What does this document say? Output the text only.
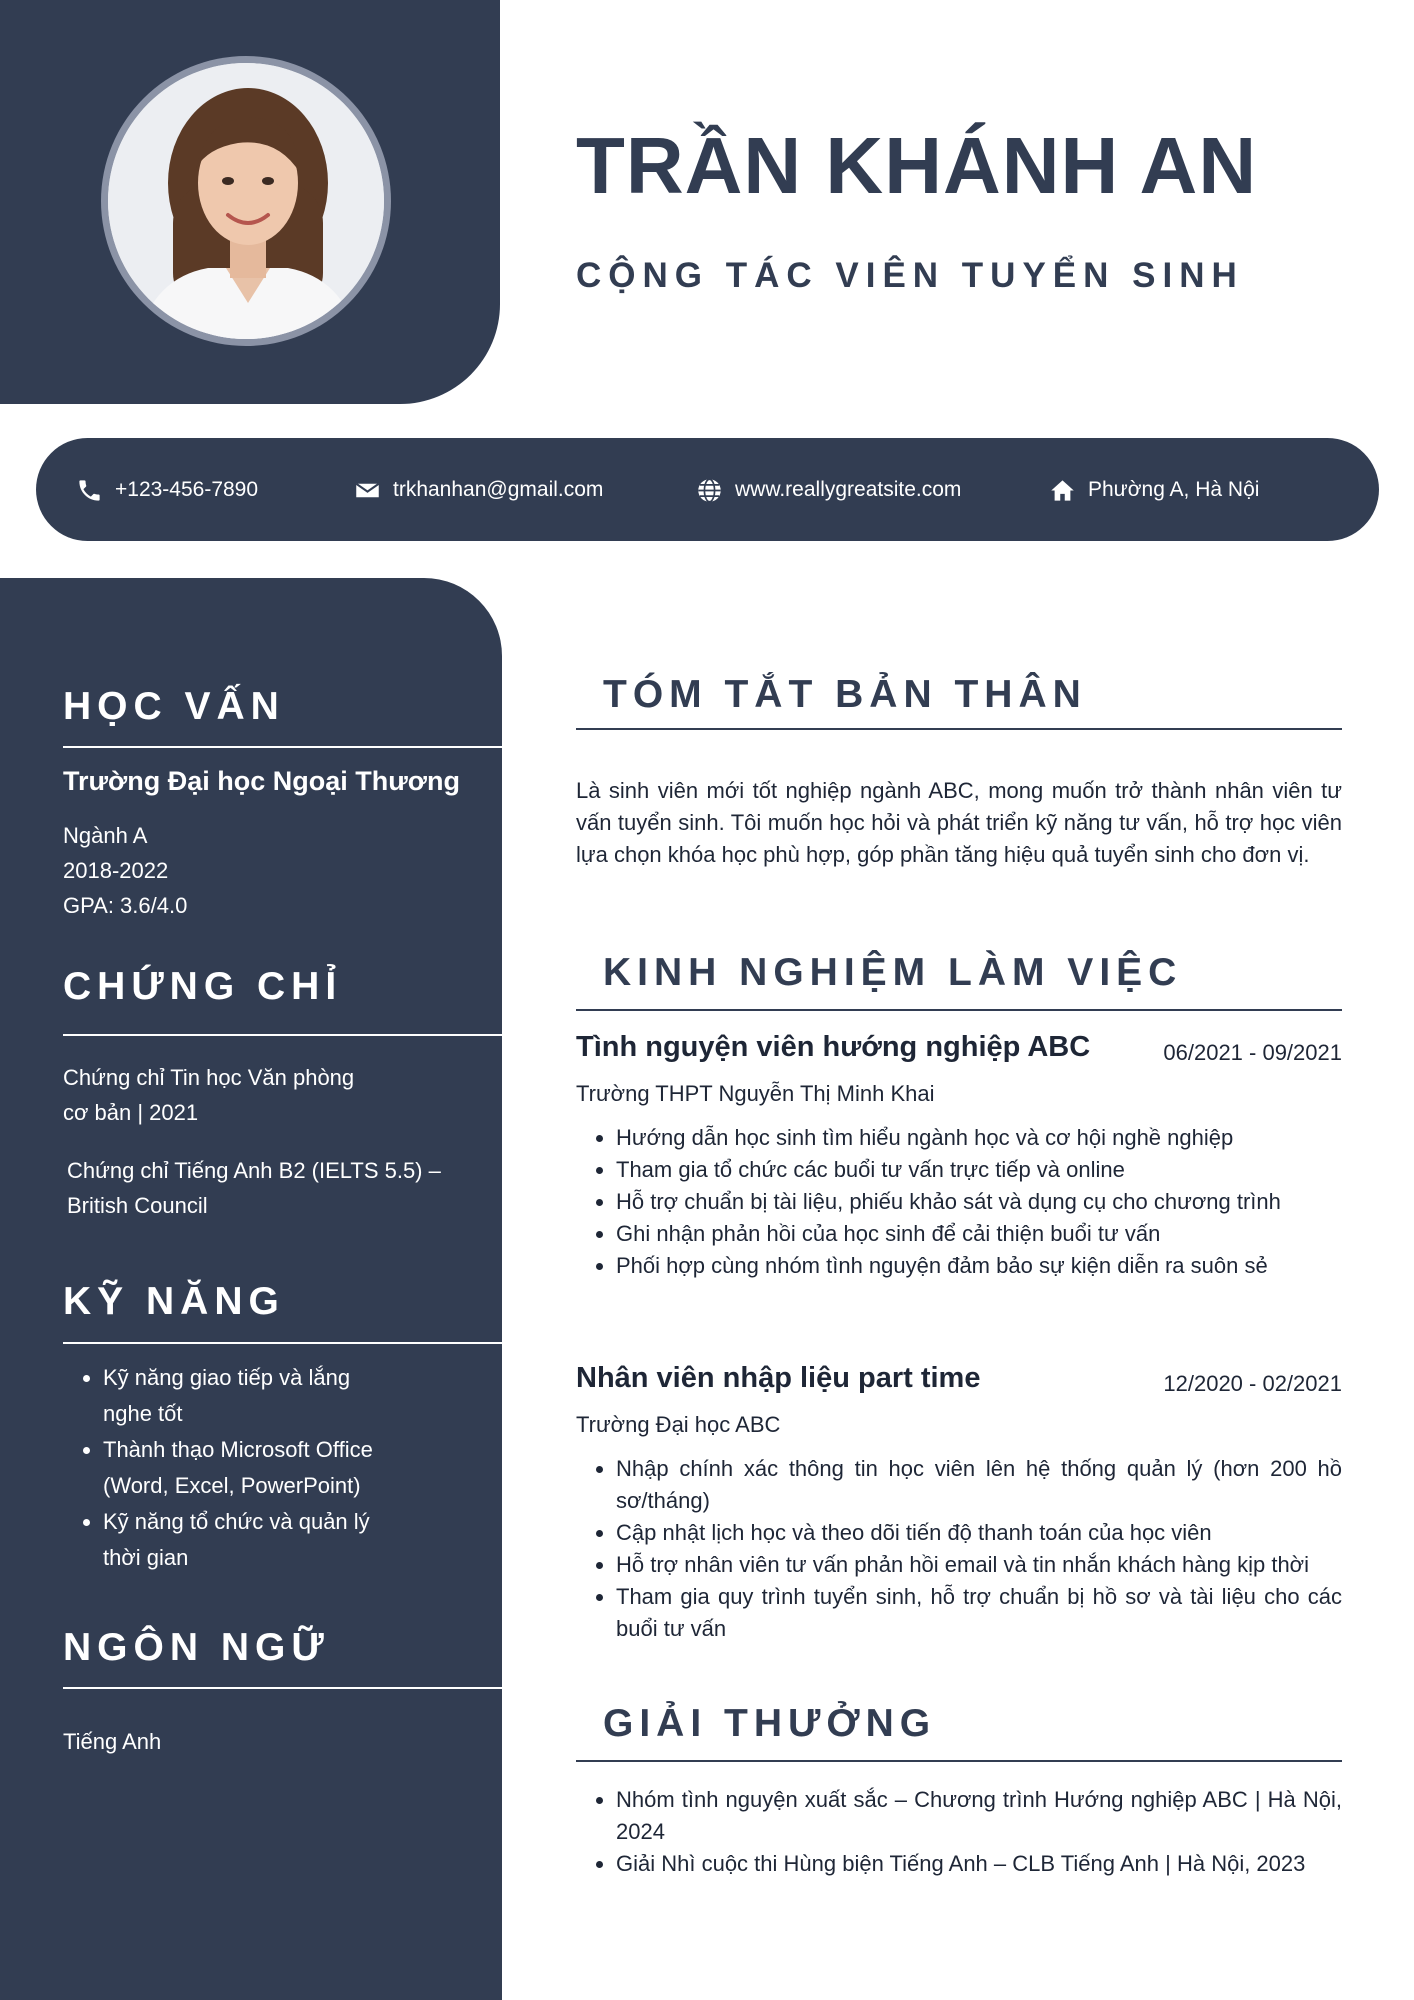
TRẦN KHÁNH AN
CỘNG TÁC VIÊN TUYỂN SINH
+123-456-7890	trkhanhan@gmail.com	www.reallygreatsite.com	Phường A, Hà Nội
HỌC VẤN
Trường Đại học Ngoại Thương
Ngành A
2018-2022
GPA: 3.6/4.0
CHỨNG CHỈ
Chứng chỉ Tin học Văn phòng
cơ bản | 2021
Chứng chỉ Tiếng Anh B2 (IELTS 5.5) –
British Council
KỸ NĂNG
• Kỹ năng giao tiếp và lắng nghe tốt
• Thành thạo Microsoft Office (Word, Excel, PowerPoint)
• Kỹ năng tổ chức và quản lý thời gian
NGÔN NGỮ
Tiếng Anh
TÓM TẮT BẢN THÂN
Là sinh viên mới tốt nghiệp ngành ABC, mong muốn trở thành nhân viên tư vấn tuyển sinh. Tôi muốn học hỏi và phát triển kỹ năng tư vấn, hỗ trợ học viên lựa chọn khóa học phù hợp, góp phần tăng hiệu quả tuyển sinh cho đơn vị.
KINH NGHIỆM LÀM VIỆC
Tình nguyện viên hướng nghiệp ABC	06/2021 - 09/2021
Trường THPT Nguyễn Thị Minh Khai
• Hướng dẫn học sinh tìm hiểu ngành học và cơ hội nghề nghiệp
• Tham gia tổ chức các buổi tư vấn trực tiếp và online
• Hỗ trợ chuẩn bị tài liệu, phiếu khảo sát và dụng cụ cho chương trình
• Ghi nhận phản hồi của học sinh để cải thiện buổi tư vấn
• Phối hợp cùng nhóm tình nguyện đảm bảo sự kiện diễn ra suôn sẻ
Nhân viên nhập liệu part time	12/2020 - 02/2021
Trường Đại học ABC
• Nhập chính xác thông tin học viên lên hệ thống quản lý (hơn 200 hồ sơ/tháng)
• Cập nhật lịch học và theo dõi tiến độ thanh toán của học viên
• Hỗ trợ nhân viên tư vấn phản hồi email và tin nhắn khách hàng kịp thời
• Tham gia quy trình tuyển sinh, hỗ trợ chuẩn bị hồ sơ và tài liệu cho các buổi tư vấn
GIẢI THƯỞNG
• Nhóm tình nguyện xuất sắc – Chương trình Hướng nghiệp ABC | Hà Nội, 2024
• Giải Nhì cuộc thi Hùng biện Tiếng Anh – CLB Tiếng Anh | Hà Nội, 2023
